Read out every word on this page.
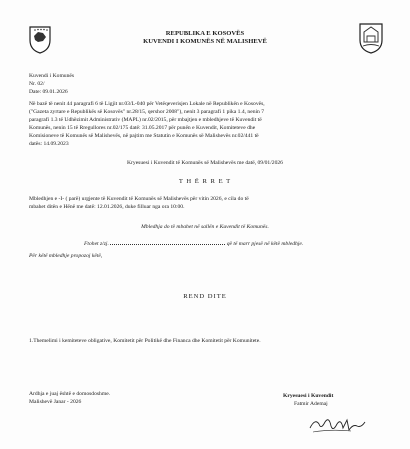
REPUBLIKA E KOSOVËS
KUVENDI I KOMUNËS NË MALISHEVË
Kuvendi i Komunës
Nr. 02/
Date: 09.01.2026
Në bazë të nenit 44 paragrafi 6 të Ligjit nr.03/L-040 për Vetëqeverisjen Lokale në Republikën e Kosovës,
("Gazeta zyrtare e Republikës së Kosovës" nr.28/15, qershor 2008"), nenit 3 paragrafi 1 pika 1.4, nenin 7
paragrafi 1.3 të Udhëzimit Administrativ (MAPL) nr.02/2015, për mbajtjen e mbledhjeve të Kuvendit të
Komunës, nenin 15 të Rregullores nr.02/175 datë: 31.05.2017 për punën e Kuvendit, Komiteteve dhe
Komisioneve të Komunës së Malishevës, në pajtim me Statutin e Komunës së Malishevës nr.02/441 të
datës: 14.09.2023
Kryesuesi i Kuvendit të Komunës së Malishevës me datë, 09/01/2026
T H Ë R R E T
Mbledhjen e -I- ( parë) urgjente të Kuvendit të Komunës së Malishevës për vitin 2026, e cila do të
mbahet ditën e Hënë me datë: 12.01.2026, duke filluar nga ora 10:00.
Mbledhja do të mbahet në sallën e Kuvendit të Komunës.
Ftohet z/zj.	që të marr pjesë në këtë mbledhje.
Për këtë mbledhje propozoj këtë,
REND DITE
1.Themelimi i kemiteteve obligative, Komitetit për Politikë dhe Financa dhe Komitetit për Komunitete.
Ardhja e juaj është e domosdoshme.
Malishevë Janar - 2026
Kryesuesi i Kuvendit
Fatmir Ademaj
